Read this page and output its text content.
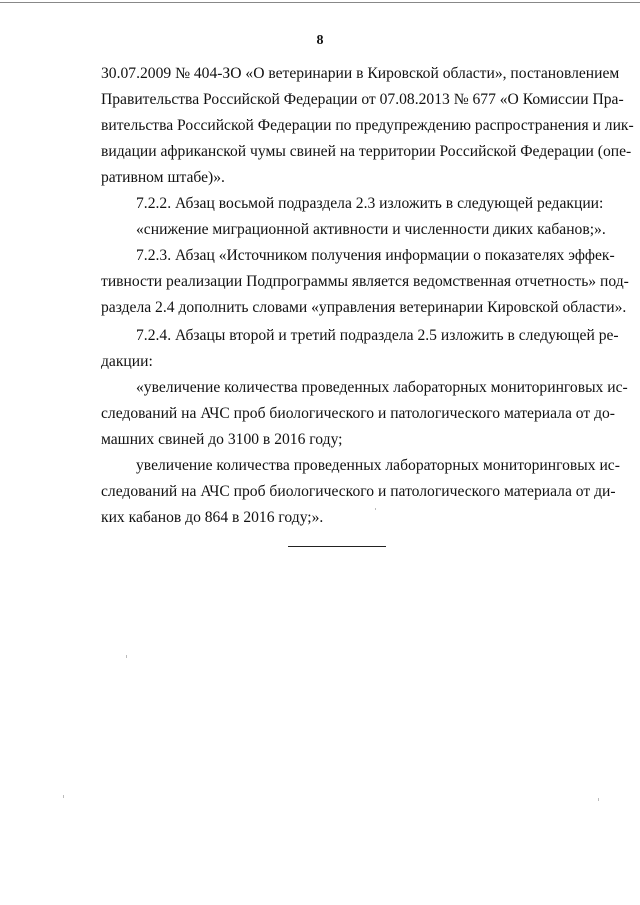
8
30.07.2009 № 404-ЗО «О ветеринарии в Кировской области», постановлением
Правительства Российской Федерации от 07.08.2013 № 677 «О Комиссии Пра-
вительства Российской Федерации по предупреждению распространения и лик-
видации африканской чумы свиней на территории Российской Федерации (опе-
ративном штабе)».
7.2.2. Абзац восьмой подраздела 2.3 изложить в следующей редакции:
«снижение миграционной активности и численности диких кабанов;».
7.2.3. Абзац «Источником получения информации о показателях эффек-
тивности реализации Подпрограммы является ведомственная отчетность» под-
раздела 2.4 дополнить словами «управления ветеринарии Кировской области».
7.2.4. Абзацы второй и третий подраздела 2.5 изложить в следующей ре-
дакции:
«увеличение количества проведенных лабораторных мониторинговых ис-
следований на АЧС проб биологического и патологического материала от до-
машних свиней до 3100 в 2016 году;
увеличение количества проведенных лабораторных мониторинговых ис-
следований на АЧС проб биологического и патологического материала от ди-
ких кабанов до 864 в 2016 году;».
